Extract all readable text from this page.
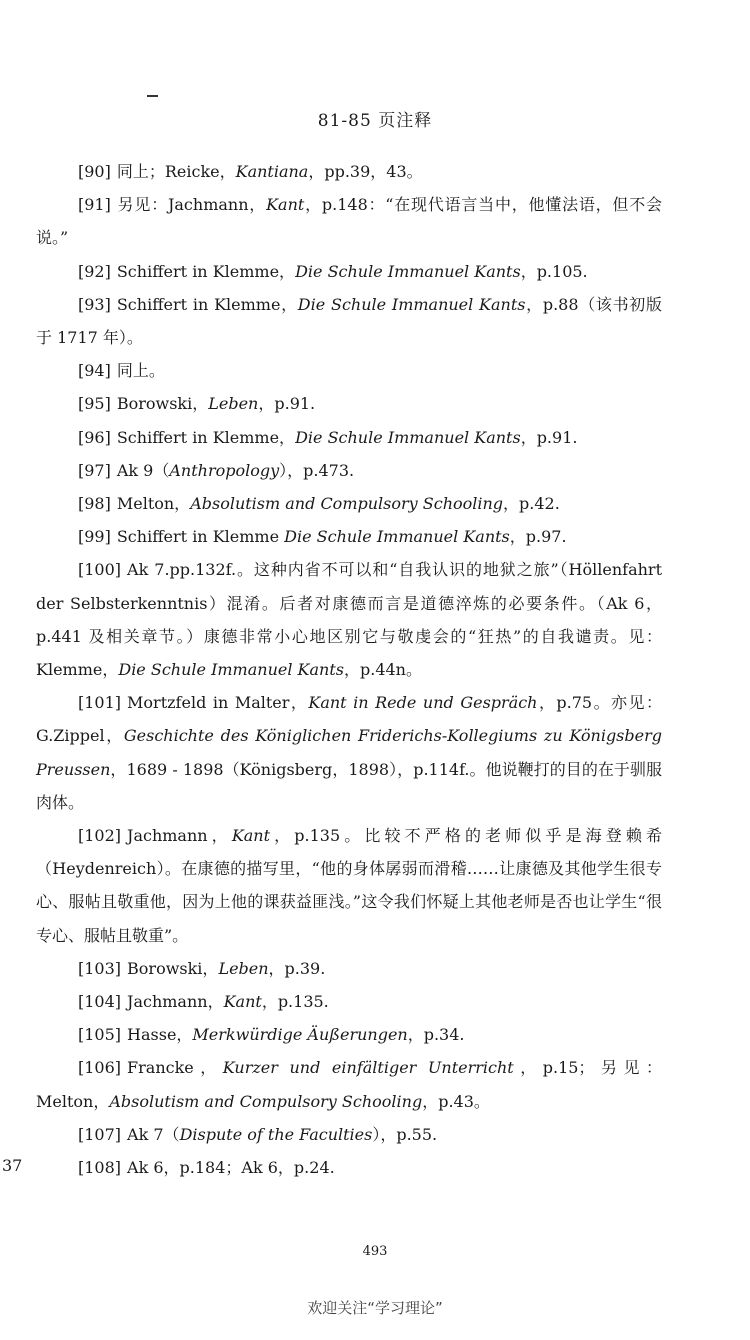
81-85 页注释

[90] 同上；Reicke，Kantiana，pp.39，43。

[91] 另见：Jachmann，Kant，p.148：“在现代语言当中，他懂法语，但不会说。”

[92] Schiffert in Klemme，Die Schule Immanuel Kants，p.105.

[93] Schiffert in Klemme，Die Schule Immanuel Kants，p.88（该书初版于 1717 年）。

[94] 同上。

[95] Borowski，Leben，p.91.

[96] Schiffert in Klemme，Die Schule Immanuel Kants，p.91.

[97] Ak 9（Anthropology），p.473.

[98] Melton，Absolutism and Compulsory Schooling，p.42.

[99] Schiffert in Klemme Die Schule Immanuel Kants，p.97.

[100] Ak 7.pp.132f.。这种内省不可以和“自我认识的地狱之旅”（Höllenfahrt der Selbsterkenntnis）混淆。后者对康德而言是道德淬炼的必要条件。（Ak 6，p.441 及相关章节。）康德非常小心地区别它与敬虔会的“狂热”的自我谴责。见：Klemme，Die Schule Immanuel Kants，p.44n。

[101] Mortzfeld in Malter，Kant in Rede und Gespräch，p.75。亦见：G.Zippel，Geschichte des Königlichen Friderichs-Kollegiums zu Königsberg Preussen，1689 - 1898（Königsberg，1898），p.114f.。他说鞭打的目的在于驯服肉体。

[102] Jachmann，Kant，p.135。比较不严格的老师似乎是海登赖希（Heydenreich）。在康德的描写里，“他的身体孱弱而滑稽……让康德及其他学生很专心、服帖且敬重他，因为上他的课获益匪浅。”这令我们怀疑上其他老师是否也让学生“很专心、服帖且敬重”。

[103] Borowski，Leben，p.39.

[104] Jachmann，Kant，p.135.

[105] Hasse，Merkwürdige Äußerungen，p.34.

[106] Francke，Kurzer und einfältiger Unterricht，p.15；另见：Melton，Absolutism and Compulsory Schooling，p.43。

[107] Ak 7（Dispute of the Faculties），p.55.

[108] Ak 6，p.184；Ak 6，p.24.

37
493
欢迎关注“学习理论”
